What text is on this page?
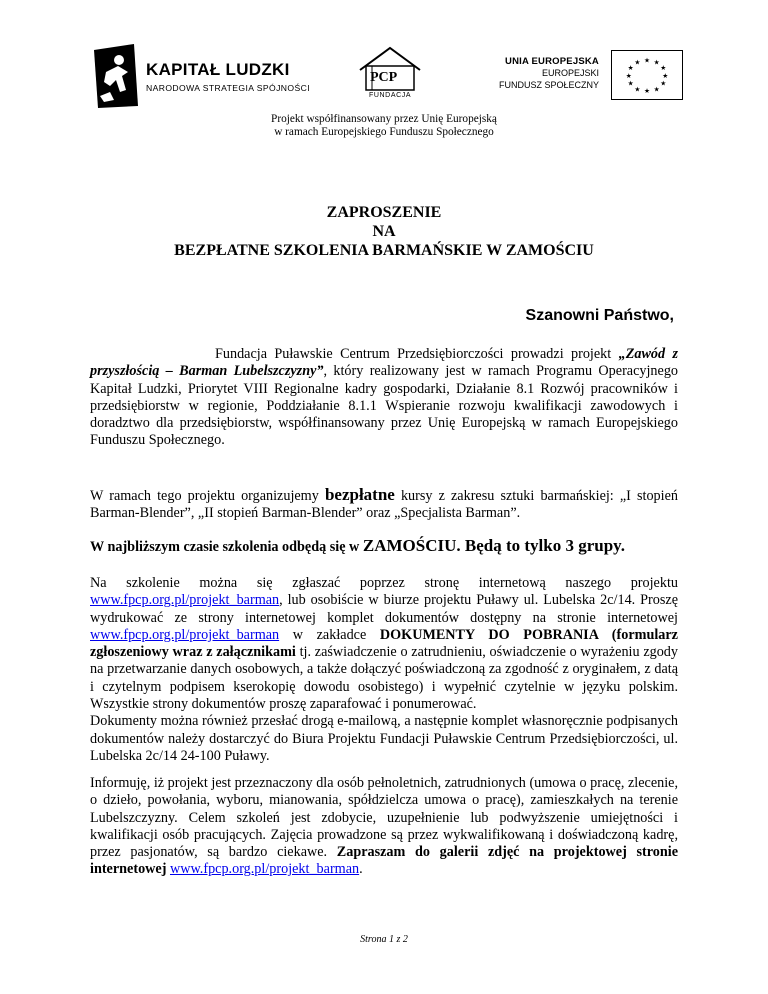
KAPITAŁ LUDZKI
NARODOWA STRATEGIA SPÓJNOŚCI
PCP
FUNDACJA
UNIA EUROPEJSKA
EUROPEJSKI
FUNDUSZ SPOŁECZNY
★ ★
★
★
★
★
★
★
★
★
★
★
Projekt współfinansowany przez Unię Europejską
w ramach Europejskiego Funduszu Społecznego
ZAPROSZENIE
NA
BEZPŁATNE SZKOLENIA BARMAŃSKIE W ZAMOŚCIU
Szanowni Państwo,
Fundacja Puławskie Centrum Przedsiębiorczości prowadzi projekt „Zawód z przyszłością – Barman Lubelszczyzny”, który realizowany jest w ramach Programu Operacyjnego Kapitał Ludzki, Priorytet VIII Regionalne kadry gospodarki, Działanie 8.1 Rozwój pracowników i przedsiębiorstw w regionie, Poddziałanie 8.1.1 Wspieranie rozwoju kwalifikacji zawodowych i doradztwo dla przedsiębiorstw, współfinansowany przez Unię Europejską w ramach Europejskiego Funduszu Społecznego.
W ramach tego projektu organizujemy bezpłatne kursy z zakresu sztuki barmańskiej: „I stopień Barman-Blender”, „II stopień Barman-Blender” oraz „Specjalista Barman”.
W najbliższym czasie szkolenia odbędą się w ZAMOŚCIU. Będą to tylko 3 grupy.
Na szkolenie można się zgłaszać poprzez stronę internetową naszego projektu www.fpcp.org.pl/projekt_barman, lub osobiście w biurze projektu Puławy ul. Lubelska 2c/14. Proszę wydrukować ze strony internetowej komplet dokumentów dostępny na stronie internetowej www.fpcp.org.pl/projekt_barman w zakładce DOKUMENTY DO POBRANIA (formularz zgłoszeniowy wraz z załącznikami tj. zaświadczenie o zatrudnieniu, oświadczenie o wyrażeniu zgody na przetwarzanie danych osobowych, a także dołączyć poświadczoną za zgodność z oryginałem, z datą i czytelnym podpisem kserokopię dowodu osobistego) i wypełnić czytelnie w języku polskim. Wszystkie strony dokumentów proszę zaparafować i ponumerować.
Dokumenty można również przesłać drogą e-mailową, a następnie komplet własnoręcznie podpisanych dokumentów należy dostarczyć do Biura Projektu Fundacji Puławskie Centrum Przedsiębiorczości, ul. Lubelska 2c/14 24-100 Puławy.
Informuję, iż projekt jest przeznaczony dla osób pełnoletnich, zatrudnionych (umowa o pracę, zlecenie, o dzieło, powołania, wyboru, mianowania, spółdzielcza umowa o pracę), zamieszkałych na terenie Lubelszczyzny. Celem szkoleń jest zdobycie, uzupełnienie lub podwyższenie umiejętności i kwalifikacji osób pracujących. Zajęcia prowadzone są przez wykwalifikowaną i doświadczoną kadrę, przez pasjonatów, są bardzo ciekawe. Zapraszam do galerii zdjęć na projektowej stronie internetowej www.fpcp.org.pl/projekt_barman.
Strona 1 z 2
